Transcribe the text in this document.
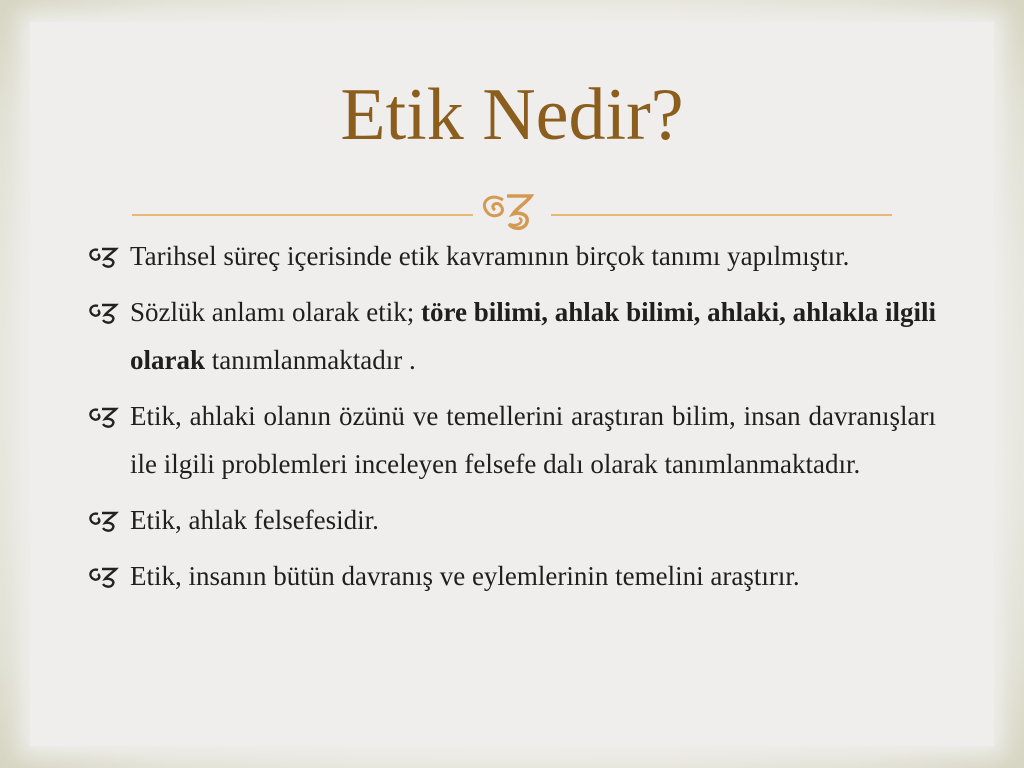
Etik Nedir?
Tarihsel süreç içerisinde etik kavramının birçok tanımı yapılmıştır.
Sözlük anlamı olarak etik; töre bilimi, ahlak bilimi, ahlaki, ahlakla ilgili olarak tanımlanmaktadır .
Etik, ahlaki olanın özünü ve temellerini araştıran bilim, insan davranışları ile ilgili problemleri inceleyen felsefe dalı olarak tanımlanmaktadır.
Etik, ahlak felsefesidir.
Etik, insanın bütün davranış ve eylemlerinin temelini araştırır.
